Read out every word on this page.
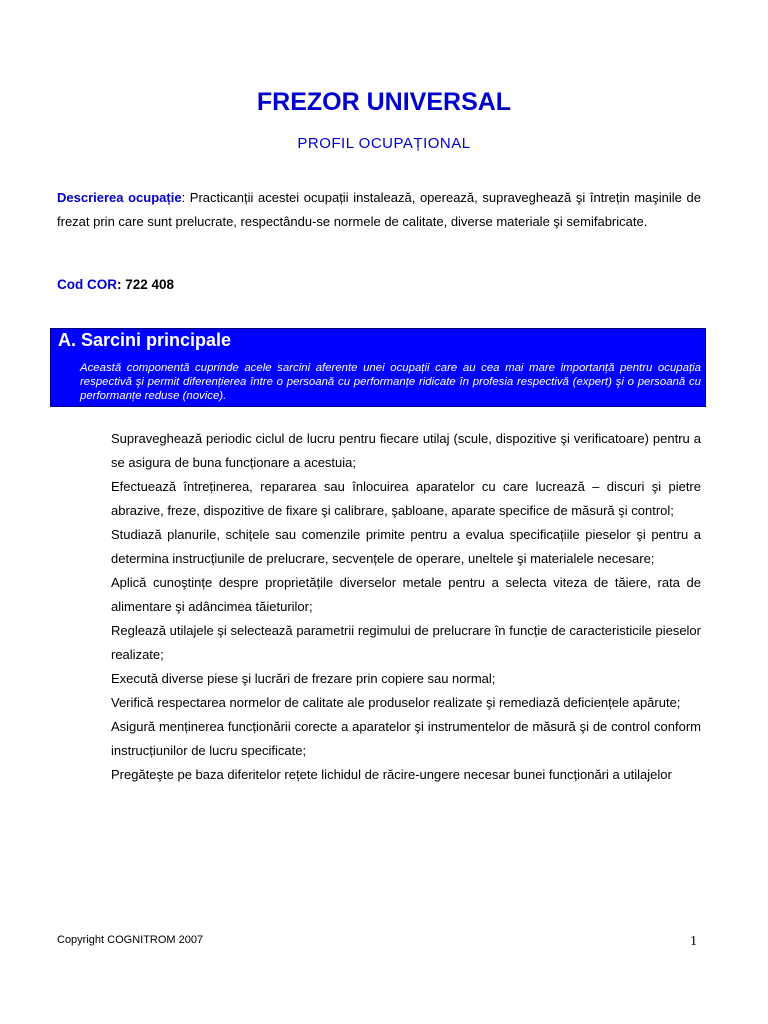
FREZOR UNIVERSAL
PROFIL OCUPAȚIONAL
Descrierea ocupație: Practicanții acestei ocupații instalează, operează, supraveghează şi întrețin maşinile de frezat prin care sunt prelucrate, respectându-se normele de calitate, diverse materiale şi semifabricate.
Cod COR: 722 408
A. Sarcini principale
Această componentă cuprinde acele sarcini aferente unei ocupații care au cea mai mare importanță pentru ocupația respectivă şi permit diferențierea între o persoană cu performanțe ridicate în profesia respectivă (expert) şi o persoană cu performanțe reduse (novice).
Supraveghează periodic ciclul de lucru pentru fiecare utilaj (scule, dispozitive şi verificatoare) pentru a se asigura de buna funcționare a acestuia;
Efectuează întreținerea, repararea sau înlocuirea aparatelor cu care lucrează – discuri şi pietre abrazive, freze, dispozitive de fixare şi calibrare, şabloane, aparate specifice de măsură şi control;
Studiază planurile, schițele sau comenzile primite pentru a evalua specificațiile pieselor şi pentru a determina instrucțiunile de prelucrare, secvențele de operare, uneltele şi materialele necesare;
Aplică cunoştințe despre proprietățile diverselor metale pentru a selecta viteza de tăiere, rata de alimentare şi adâncimea tăieturilor;
Reglează utilajele şi selectează parametrii regimului de prelucrare în funcție de caracteristicile pieselor realizate;
Execută diverse piese şi lucrări de frezare prin copiere sau normal;
Verifică respectarea normelor de calitate ale produselor realizate şi remediază deficiențele apărute;
Asigură menținerea funcționării corecte a aparatelor şi instrumentelor de măsură şi de control conform instrucțiunilor de lucru specificate;
Pregăteşte pe baza diferitelor rețete lichidul de răcire-ungere necesar bunei funcționări a utilajelor
Copyright COGNITROM 2007	1
